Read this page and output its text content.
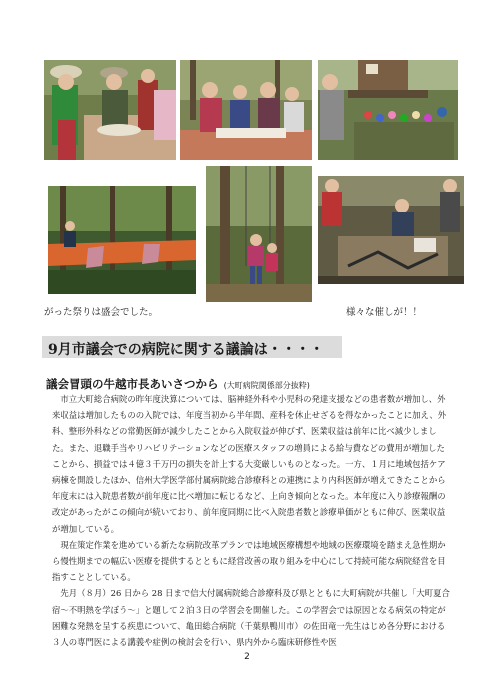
がった祭りは盛会でした。	様々な催しが！！
9月市議会での病院に関する議論は・・・・
議会冒頭の牛越市長あいさつから (大町病院関係部分抜粋)

市立大町総合病院の昨年度決算については、脳神経外科や小児科の発達支援などの患者数が増加し、外来収益は増加したものの入院では、年度当初から半年間、産科を休止せざるを得なかったことに加え、外科、整形外科などの常勤医師が減少したことから入院収益が伸びず、医業収益は前年に比べ減少しました。また、退職手当やリハビリテーションなどの医療スタッフの増員による給与費などの費用が増加したことから、損益では４億３千万円の損失を計上する大変厳しいものとなった。一方、１月に地域包括ケア病棟を開設したほか、信州大学医学部付属病院総合診療科との連携により内科医師が増えてきたことから年度末には入院患者数が前年度に比べ増加に転じるなど、上向き傾向となった。本年度に入り診療報酬の改定があったがこの傾向が続いており、前年度同期に比べ入院患者数と診療単価がともに伸び、医業収益が増加している。

現在策定作業を進めている新たな病院改革プランでは地域医療構想や地域の医療環境を踏まえ急性期から慢性期までの幅広い医療を提供するとともに経営改善の取り組みを中心にして持続可能な病院経営を目指すこととしている。

先月（８月）26 日から 28 日まで信大付属病院総合診療科及び県とともに大町病院が共催し「大町夏合宿～不明熱を学ぼう～」と題して２泊３日の学習会を開催した。この学習会では原因となる病気の特定が困難な発熱を呈する疾患について、亀田総合病院（千葉県鴨川市）の佐田竜一先生はじめ各分野における３人の専門医による講義や症例の検討会を行い、県内外から臨床研修性や医

2
